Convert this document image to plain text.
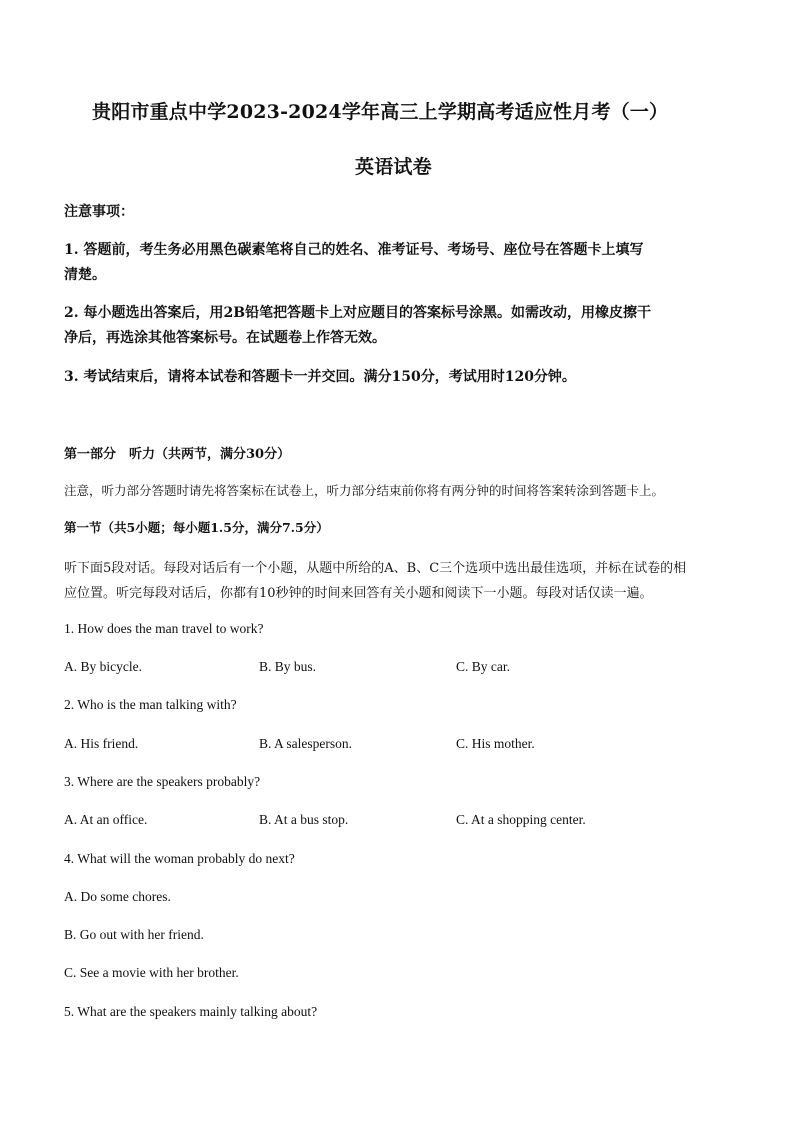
贵阳市重点中学2023-2024学年高三上学期高考适应性月考（一）
英语试卷
注意事项：
1. 答题前，考生务必用黑色碳素笔将自己的姓名、准考证号、考场号、座位号在答题卡上填写
清楚。
2. 每小题选出答案后，用2B铅笔把答题卡上对应题目的答案标号涂黑。如需改动，用橡皮擦干
净后，再选涂其他答案标号。在试题卷上作答无效。
3. 考试结束后，请将本试卷和答题卡一并交回。满分150分，考试用时120分钟。
第一部分　听力（共两节，满分30分）
注意，听力部分答题时请先将答案标在试卷上，听力部分结束前你将有两分钟的时间将答案转涂到答题卡上。
第一节（共5小题；每小题1.5分，满分7.5分）
听下面5段对话。每段对话后有一个小题，从题中所给的A、B、C三个选项中选出最佳选项，并标在试卷的相
应位置。听完每段对话后，你都有10秒钟的时间来回答有关小题和阅读下一小题。每段对话仅读一遍。
1. How does the man travel to work?
A. By bicycle.	B. By bus.	C. By car.
2. Who is the man talking with?
A. His friend.	B. A salesperson.	C. His mother.
3. Where are the speakers probably?
A. At an office.	B. At a bus stop.	C. At a shopping center.
4. What will the woman probably do next?
A. Do some chores.
B. Go out with her friend.
C. See a movie with her brother.
5. What are the speakers mainly talking about?
